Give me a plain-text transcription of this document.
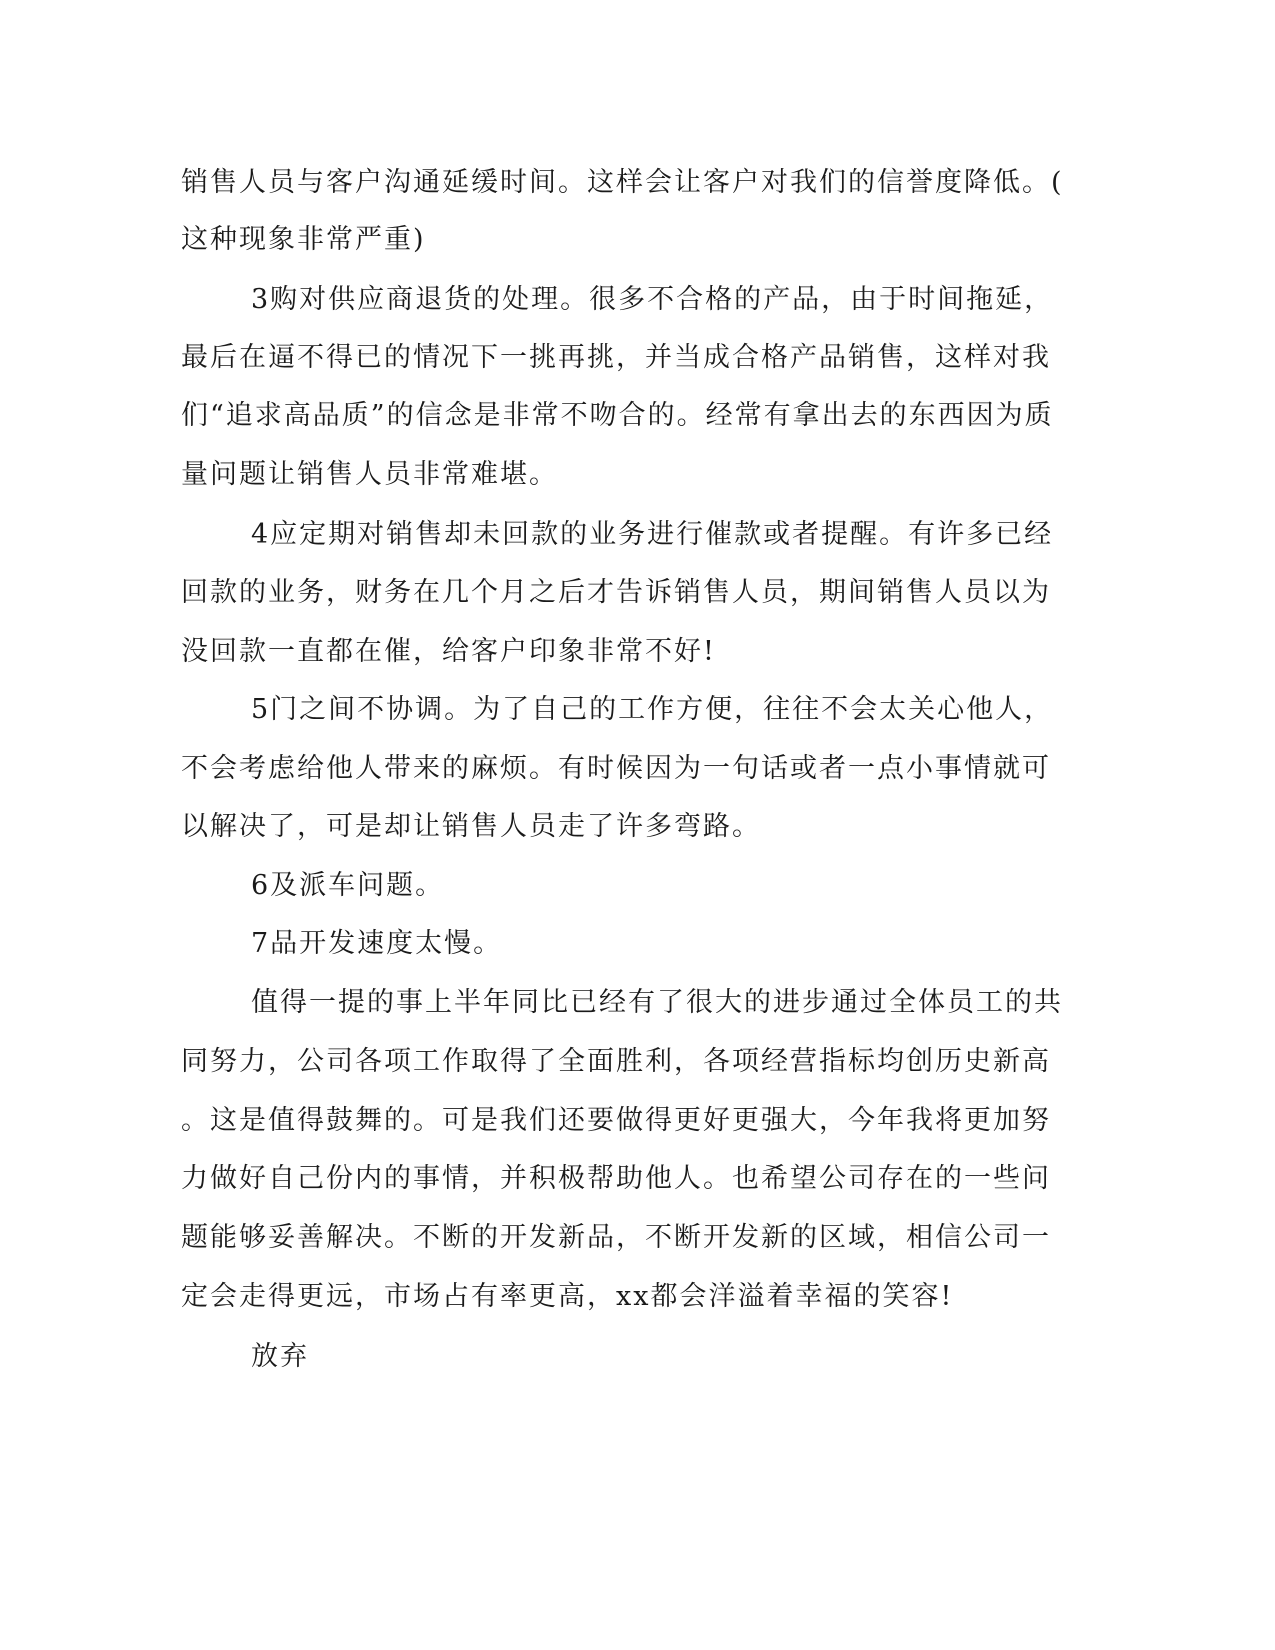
销售人员与客户沟通延缓时间。这样会让客户对我们的信誉度降低。(
这种现象非常严重)
3购对供应商退货的处理。很多不合格的产品，由于时间拖延，
最后在逼不得已的情况下一挑再挑，并当成合格产品销售，这样对我
们“追求高品质”的信念是非常不吻合的。经常有拿出去的东西因为质
量问题让销售人员非常难堪。
4应定期对销售却未回款的业务进行催款或者提醒。有许多已经
回款的业务，财务在几个月之后才告诉销售人员，期间销售人员以为
没回款一直都在催，给客户印象非常不好!
5门之间不协调。为了自己的工作方便，往往不会太关心他人，
不会考虑给他人带来的麻烦。有时候因为一句话或者一点小事情就可
以解决了，可是却让销售人员走了许多弯路。
6及派车问题。
7品开发速度太慢。
值得一提的事上半年同比已经有了很大的进步通过全体员工的共
同努力，公司各项工作取得了全面胜利，各项经营指标均创历史新高
。这是值得鼓舞的。可是我们还要做得更好更强大，今年我将更加努
力做好自己份内的事情，并积极帮助他人。也希望公司存在的一些问
题能够妥善解决。不断的开发新品，不断开发新的区域，相信公司一
定会走得更远，市场占有率更高，xx都会洋溢着幸福的笑容!
放弃
